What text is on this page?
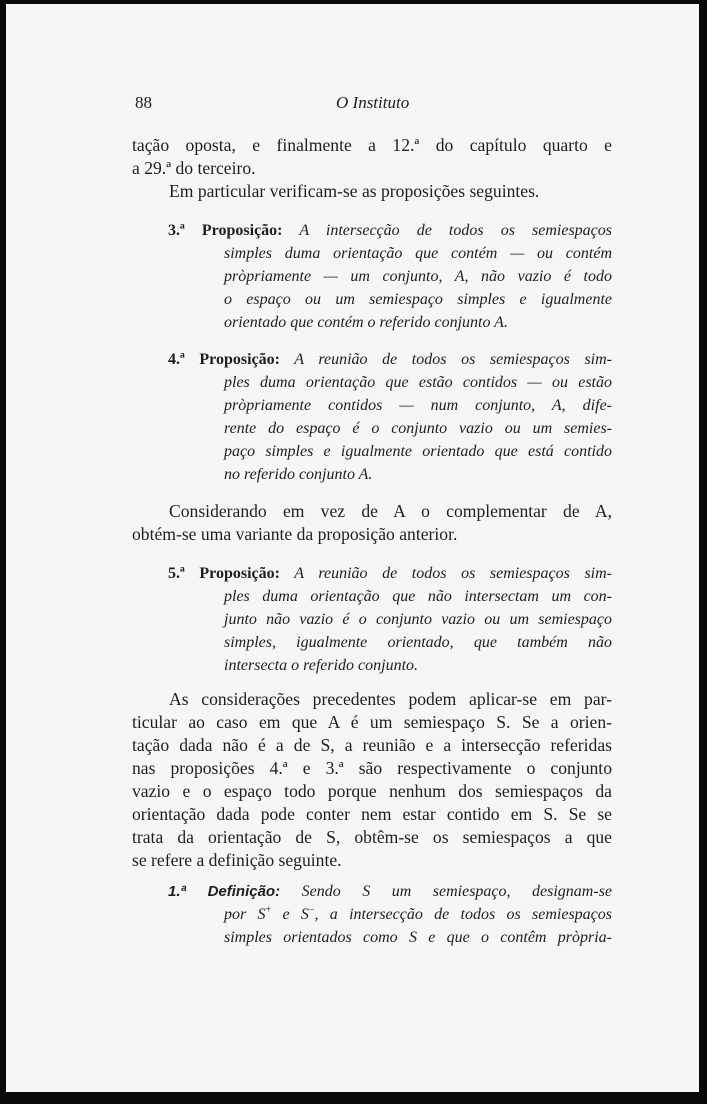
88	O Instituto
tação oposta, e finalmente a 12.ª do capítulo quarto e
a 29.ª do terceiro.
Em particular verificam-se as proposições seguintes.
3.ª Proposição: A intersecção de todos os semiespaços
simples duma orientação que contém — ou contém
pròpriamente — um conjunto, A, não vazio é todo
o espaço ou um semiespaço simples e igualmente
orientado que contém o referido conjunto A.
4.ª Proposição: A reunião de todos os semiespaços sim-
ples duma orientação que estão contidos — ou estão
pròpriamente contidos — num conjunto, A, dife-
rente do espaço é o conjunto vazio ou um semies-
paço simples e igualmente orientado que está contido
no referido conjunto A.
Considerando em vez de A o complementar de A,
obtém-se uma variante da proposição anterior.
5.ª Proposição: A reunião de todos os semiespaços sim-
ples duma orientação que não intersectam um con-
junto não vazio é o conjunto vazio ou um semiespaço
simples, igualmente orientado, que também não
intersecta o referido conjunto.
As considerações precedentes podem aplicar-se em par-
ticular ao caso em que A é um semiespaço S. Se a orien-
tação dada não é a de S, a reunião e a intersecção referidas
nas proposições 4.ª e 3.ª são respectivamente o conjunto
vazio e o espaço todo porque nenhum dos semiespaços da
orientação dada pode conter nem estar contido em S. Se se
trata da orientação de S, obtêm-se os semiespaços a que
se refere a definição seguinte.
1.ª Definição: Sendo S um semiespaço, designam-se
por S+ e S−, a intersecção de todos os semiespaços
simples orientados como S e que o contêm pròpria-
